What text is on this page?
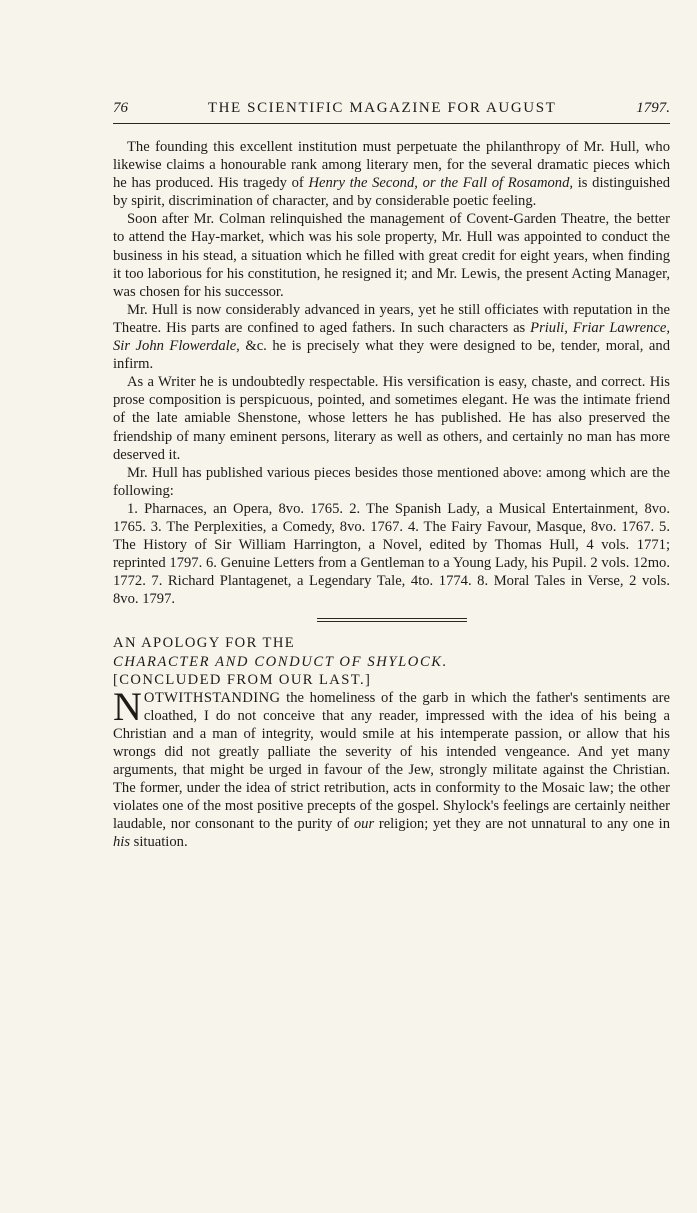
76	THE SCIENTIFIC MAGAZINE FOR AUGUST	1797.

The founding this excellent institution must perpetuate the philanthropy of Mr. Hull, who likewise claims a honourable rank among literary men, for the several dramatic pieces which he has produced. His tragedy of Henry the Second, or the Fall of Rosamond, is distinguished by spirit, discrimination of character, and by considerable poetic feeling.

Soon after Mr. Colman relinquished the management of Covent-Garden Theatre, the better to attend the Hay-market, which was his sole property, Mr. Hull was appointed to conduct the business in his stead, a situation which he filled with great credit for eight years, when finding it too laborious for his constitution, he resigned it; and Mr. Lewis, the present Acting Manager, was chosen for his successor.

Mr. Hull is now considerably advanced in years, yet he still officiates with reputation in the Theatre. His parts are confined to aged fathers. In such characters as Priuli, Friar Lawrence, Sir John Flowerdale, &c. he is precisely what they were designed to be, tender, moral, and infirm.

As a Writer he is undoubtedly respectable. His versification is easy, chaste, and correct. His prose composition is perspicuous, pointed, and sometimes elegant. He was the intimate friend of the late amiable Shenstone, whose letters he has published. He has also preserved the friendship of many eminent persons, literary as well as others, and certainly no man has more deserved it.

Mr. Hull has published various pieces besides those mentioned above: among which are the following:

1. Pharnaces, an Opera, 8vo. 1765. 2. The Spanish Lady, a Musical Entertainment, 8vo. 1765. 3. The Perplexities, a Comedy, 8vo. 1767. 4. The Fairy Favour, Masque, 8vo. 1767. 5. The History of Sir William Harrington, a Novel, edited by Thomas Hull, 4 vols. 1771; reprinted 1797. 6. Genuine Letters from a Gentleman to a Young Lady, his Pupil. 2 vols. 12mo. 1772. 7. Richard Plantagenet, a Legendary Tale, 4to. 1774. 8. Moral Tales in Verse, 2 vols. 8vo. 1797.

AN APOLOGY FOR THE

CHARACTER AND CONDUCT OF SHYLOCK.

[CONCLUDED FROM OUR LAST.]

NOTWITHSTANDING the homeliness of the garb in which the father's sentiments are cloathed, I do not conceive that any reader, impressed with the idea of his being a Christian and a man of integrity, would smile at his intemperate passion, or allow that his wrongs did not greatly palliate the severity of his intended vengeance. And yet many arguments, that might be urged in favour of the Jew, strongly militate against the Christian. The former, under the idea of strict retribution, acts in conformity to the Mosaic law; the other violates one of the most positive precepts of the gospel. Shylock's feelings are certainly neither laudable, nor consonant to the purity of our religion; yet they are not unnatural to any one in his situation.
